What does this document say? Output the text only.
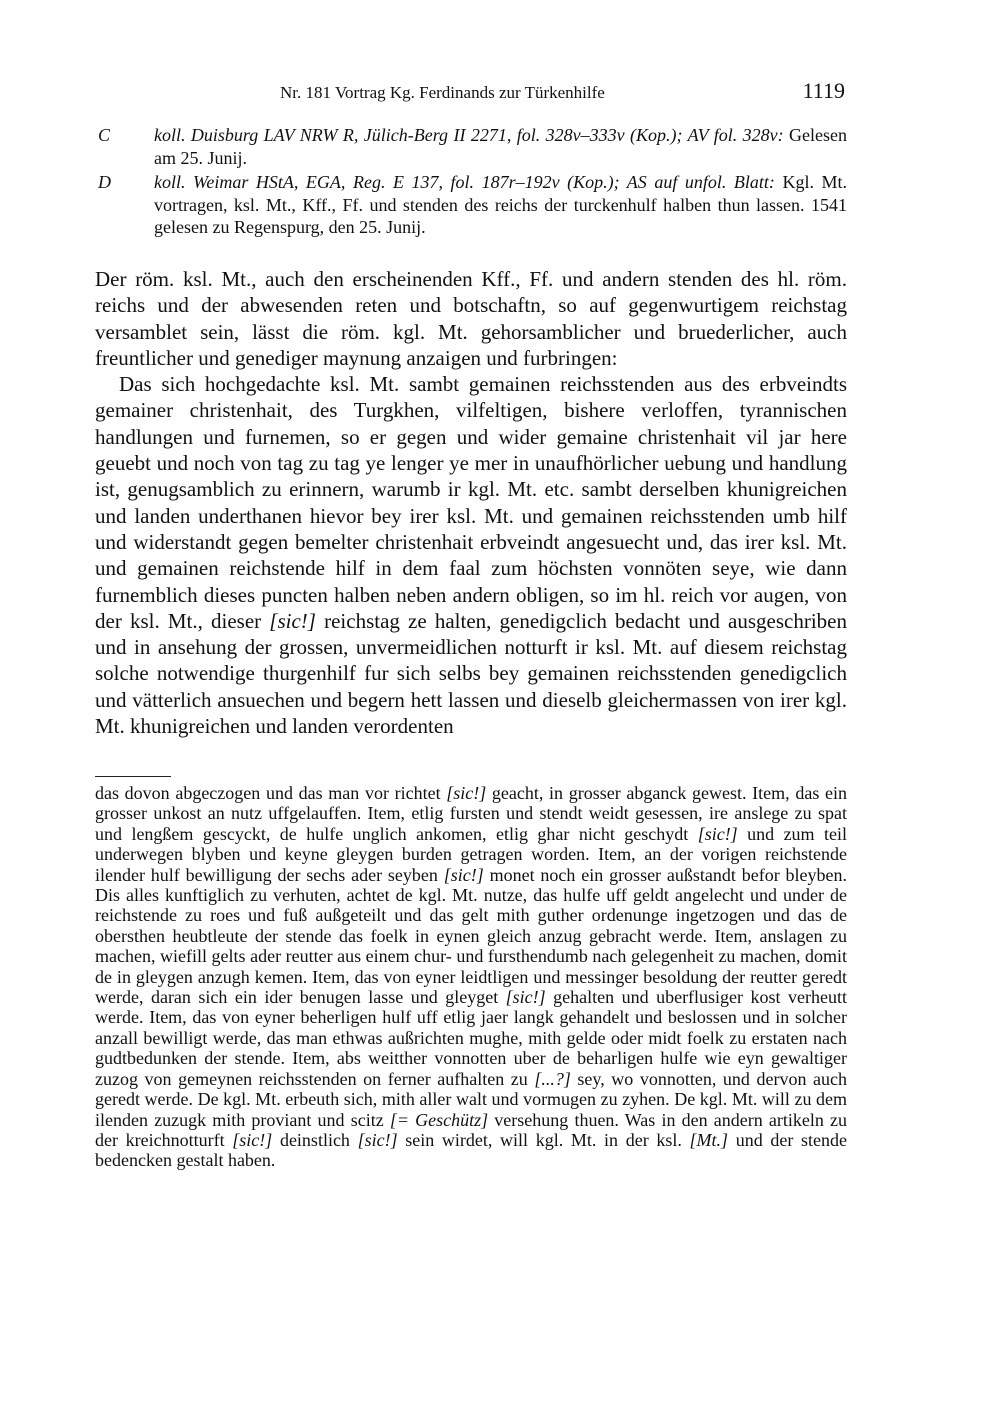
Nr. 181 Vortrag Kg. Ferdinands zur Türkenhilfe	1119
C koll. Duisburg LAV NRW R, Jülich-Berg II 2271, fol. 328v–333v (Kop.); AV fol. 328v: Gelesen am 25. Junij.
D koll. Weimar HStA, EGA, Reg. E 137, fol. 187r–192v (Kop.); AS auf unfol. Blatt: Kgl. Mt. vortragen, ksl. Mt., Kff., Ff. und stenden des reichs der turckenhulf halben thun lassen. 1541 gelesen zu Regenspurg, den 25. Junij.

Der röm. ksl. Mt., auch den erscheinenden Kff., Ff. und andern stenden des hl. röm. reichs und der abwesenden reten und botschaftn, so auf gegenwurtigem reichstag versamblet sein, lässt die röm. kgl. Mt. gehorsamblicher und bruederlicher, auch freuntlicher und genediger maynung anzaigen und furbringen:

Das sich hochgedachte ksl. Mt. sambt gemainen reichsstenden aus des erbveindts gemainer christenhait, des Turgkhen, vilfeltigen, bishere verloffen, tyrannischen handlungen und furnemen, so er gegen und wider gemaine christenhait vil jar here geuebt und noch von tag zu tag ye lenger ye mer in unaufhörlicher uebung und handlung ist, genugsamblich zu erinnern, warumb ir kgl. Mt. etc. sambt derselben khunigreichen und landen underthanen hievor bey irer ksl. Mt. und gemainen reichsstenden umb hilf und widerstandt gegen bemelter christenhait erbveindt angesuecht und, das irer ksl. Mt. und gemainen reichstende hilf in dem faal zum höchsten vonnöten seye, wie dann furnemblich dieses puncten halben neben andern obligen, so im hl. reich vor augen, von der ksl. Mt., dieser [sic!] reichstag ze halten, genedigclich bedacht und ausgeschriben und in ansehung der grossen, unvermeidlichen notturft ir ksl. Mt. auf diesem reichstag solche notwendige thurgenhilf fur sich selbs bey gemainen reichsstenden genedigclich und vätterlich ansuechen und begern hett lassen und dieselb gleichermassen von irer kgl. Mt. khunigreichen und landen verordenten

das dovon abgeczogen und das man vor richtet [sic!] geacht, in grosser abganck gewest. Item, das ein grosser unkost an nutz uffgelauffen. Item, etlig fursten und stendt weidt gesessen, ire anslege zu spat und lengßem gescyckt, de hulfe unglich ankomen, etlig ghar nicht geschydt [sic!] und zum teil underwegen blyben und keyne gleygen burden getragen worden. Item, an der vorigen reichstende ilender hulf bewilligung der sechs ader seyben [sic!] monet noch ein grosser außstandt befor bleyben. Dis alles kunftiglich zu verhuten, achtet de kgl. Mt. nutze, das hulfe uff geldt angelecht und under de reichstende zu roes und fuß außgeteilt und das gelt mith guther ordenunge ingetzogen und das de obersthen heubtleute der stende das foelk in eynen gleich anzug gebracht werde. Item, anslagen zu machen, wiefill gelts ader reutter aus einem chur- und fursthendumb nach gelegenheit zu machen, domit de in gleygen anzugh kemen. Item, das von eyner leidtligen und messinger besoldung der reutter geredt werde, daran sich ein ider benugen lasse und gleyget [sic!] gehalten und uberflusiger kost verheutt werde. Item, das von eyner beherligen hulf uff etlig jaer langk gehandelt und beslossen und in solcher anzall bewilligt werde, das man ethwas außrichten mughe, mith gelde oder midt foelk zu erstaten nach gudtbedunken der stende. Item, abs weitther vonnotten uber de beharligen hulfe wie eyn gewaltiger zuzog von gemeynen reichsstenden on ferner aufhalten zu [...?] sey, wo vonnotten, und dervon auch geredt werde. De kgl. Mt. erbeuth sich, mith aller walt und vormugen zu zyhen. De kgl. Mt. will zu dem ilenden zuzugk mith proviant und scitz [= Geschütz] versehung thuen. Was in den andern artikeln zu der kreichnotturft [sic!] deinstlich [sic!] sein wirdet, will kgl. Mt. in der ksl. [Mt.] und der stende bedencken gestalt haben.
